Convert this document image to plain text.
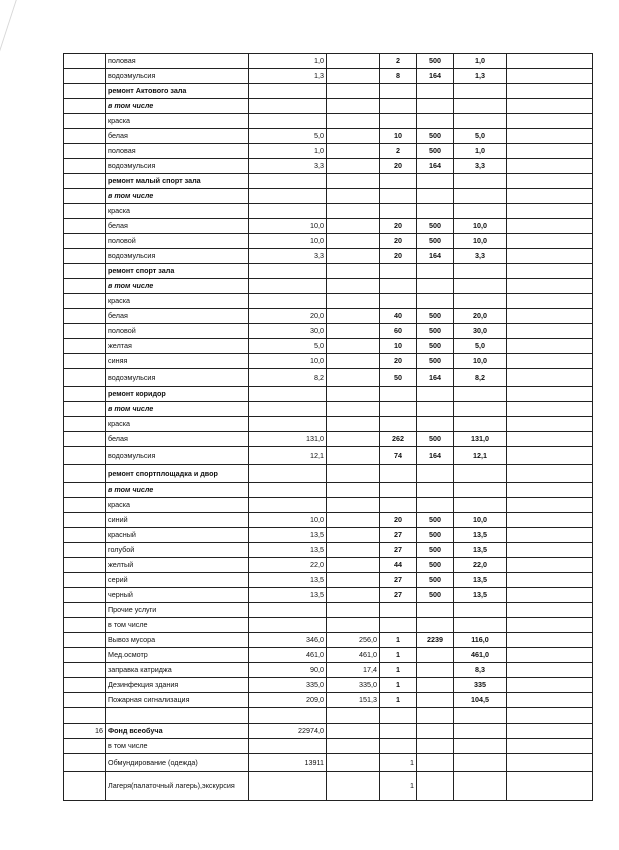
	половая	1,0		2	500	1,0	
	водоэмульсия	1,3		8	164	1,3	
	ремонт Актового зала						
	в том числе						
	краска						
	белая	5,0		10	500	5,0	
	половая	1,0		2	500	1,0	
	водоэмульсия	3,3		20	164	3,3	
	ремонт малый спорт зала						
	в том числе						
	краска						
	белая	10,0		20	500	10,0	
	половой	10,0		20	500	10,0	
	водоэмульсия	3,3		20	164	3,3	
	ремонт спорт зала						
	в том числе						
	краска						
	белая	20,0		40	500	20,0	
	половой	30,0		60	500	30,0	
	желтая	5,0		10	500	5,0	
	синяя	10,0		20	500	10,0	
	водоэмульсия	8,2		50	164	8,2	
	ремонт коридор						
	в том числе						
	краска						
	белая	131,0		262	500	131,0	
	водоэмульсия	12,1		74	164	12,1	
	ремонт спортплощадка и двор						
	в том числе						
	краска						
	синий	10,0		20	500	10,0	
	красный	13,5		27	500	13,5	
	голубой	13,5		27	500	13,5	
	желтый	22,0		44	500	22,0	
	серий	13,5		27	500	13,5	
	черный	13,5		27	500	13,5	
	Прочие услуги						
	в том числе						
	Вывоз мусора	346,0	256,0	1	2239	116,0	
	Мед.осмотр	461,0	461,0	1		461,0	
	заправка катриджа	90,0	17,4	1		8,3	
	Дезинфекция здания	335,0	335,0	1		335	
	Пожарная сигнализация	209,0	151,3	1		104,5	

16	Фонд всеобуча	22974,0					
	в том числе						
	Обмундирование (одежда)	13911		1			
	Лагеря(палаточный лагерь),экскурсия			1			
